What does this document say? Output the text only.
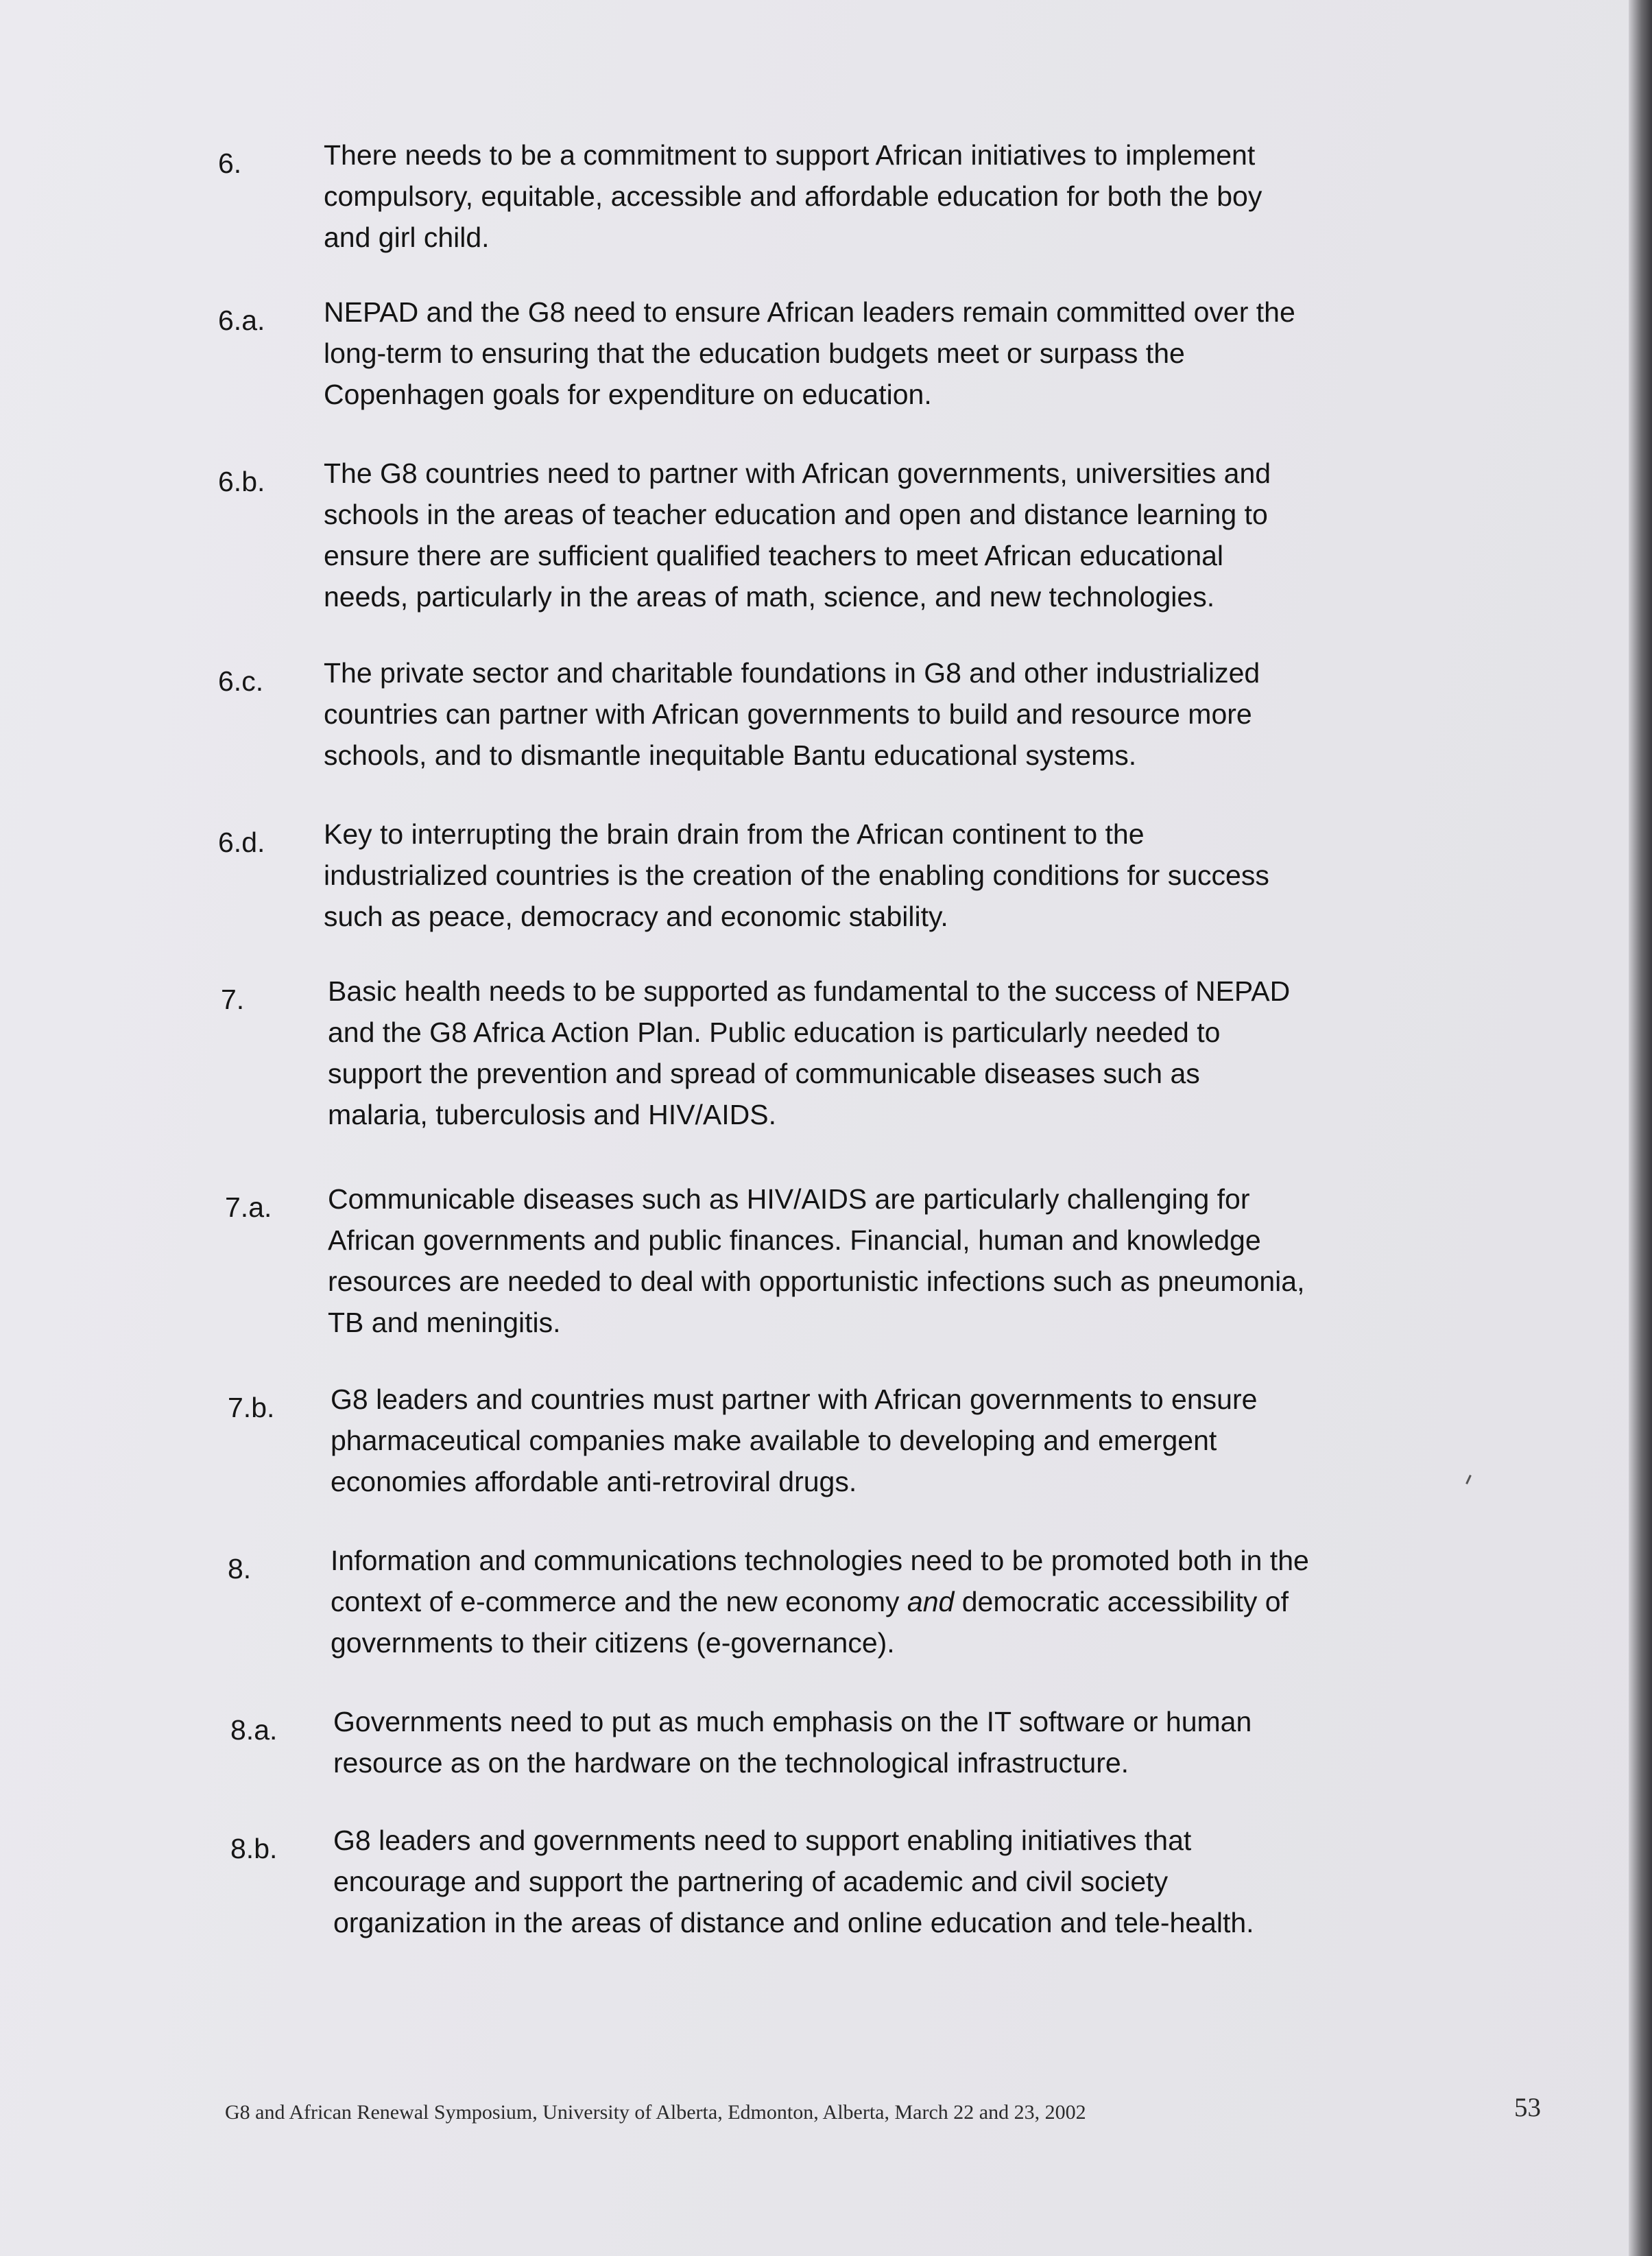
6.	There needs to be a commitment to support African initiatives to implement
compulsory, equitable, accessible and affordable education for both the boy
and girl child.
6.a. NEPAD and the G8 need to ensure African leaders remain committed over the
long-term to ensuring that the education budgets meet or surpass the
Copenhagen goals for expenditure on education.
6.b. The G8 countries need to partner with African governments, universities and
schools in the areas of teacher education and open and distance learning to
ensure there are sufficient qualified teachers to meet African educational
needs, particularly in the areas of math, science, and new technologies.
6.c. The private sector and charitable foundations in G8 and other industrialized
countries can partner with African governments to build and resource more
schools, and to dismantle inequitable Bantu educational systems.
6.d. Key to interrupting the brain drain from the African continent to the
industrialized countries is the creation of the enabling conditions for success
such as peace, democracy and economic stability.
7.	Basic health needs to be supported as fundamental to the success of NEPAD
and the G8 Africa Action Plan. Public education is particularly needed to
support the prevention and spread of communicable diseases such as
malaria, tuberculosis and HIV/AIDS.
7.a. Communicable diseases such as HIV/AIDS are particularly challenging for
African governments and public finances. Financial, human and knowledge
resources are needed to deal with opportunistic infections such as pneumonia,
TB and meningitis.
7.b. G8 leaders and countries must partner with African governments to ensure
pharmaceutical companies make available to developing and emergent
economies affordable anti-retroviral drugs.
8.	Information and communications technologies need to be promoted both in the
context of e-commerce and the new economy and democratic accessibility of
governments to their citizens (e-governance).
8.a. Governments need to put as much emphasis on the IT software or human
resource as on the hardware on the technological infrastructure.
8.b. G8 leaders and governments need to support enabling initiatives that
encourage and support the partnering of academic and civil society
organization in the areas of distance and online education and tele-health.
G8 and African Renewal Symposium, University of Alberta, Edmonton, Alberta, March 22 and 23, 2002	53
